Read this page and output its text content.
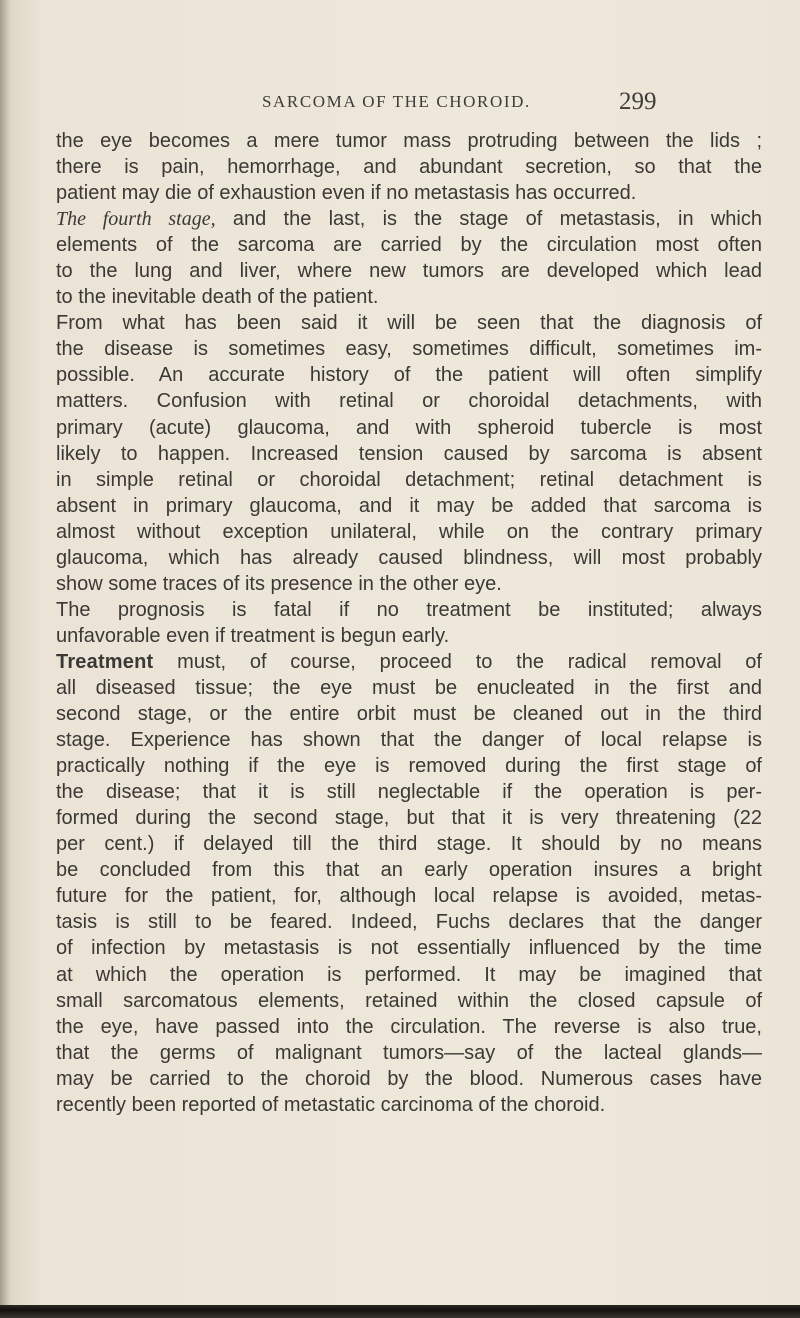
SARCOMA OF THE CHOROID.	299
the eye becomes a mere tumor mass protruding between the lids ;
there is pain, hemorrhage, and abundant secretion, so that the
patient may die of exhaustion even if no metastasis has occurred.
The fourth stage, and the last, is the stage of metastasis, in which
elements of the sarcoma are carried by the circulation most often
to the lung and liver, where new tumors are developed which lead
to the inevitable death of the patient.
From what has been said it will be seen that the diagnosis of
the disease is sometimes easy, sometimes difficult, sometimes im-
possible. An accurate history of the patient will often simplify
matters. Confusion with retinal or choroidal detachments, with
primary (acute) glaucoma, and with spheroid tubercle is most
likely to happen. Increased tension caused by sarcoma is absent
in simple retinal or choroidal detachment; retinal detachment is
absent in primary glaucoma, and it may be added that sarcoma is
almost without exception unilateral, while on the contrary primary
glaucoma, which has already caused blindness, will most probably
show some traces of its presence in the other eye.
The prognosis is fatal if no treatment be instituted; always
unfavorable even if treatment is begun early.
Treatment must, of course, proceed to the radical removal of
all diseased tissue; the eye must be enucleated in the first and
second stage, or the entire orbit must be cleaned out in the third
stage. Experience has shown that the danger of local relapse is
practically nothing if the eye is removed during the first stage of
the disease; that it is still neglectable if the operation is per-
formed during the second stage, but that it is very threatening (22
per cent.) if delayed till the third stage. It should by no means
be concluded from this that an early operation insures a bright
future for the patient, for, although local relapse is avoided, metas-
tasis is still to be feared. Indeed, Fuchs declares that the danger
of infection by metastasis is not essentially influenced by the time
at which the operation is performed. It may be imagined that
small sarcomatous elements, retained within the closed capsule of
the eye, have passed into the circulation. The reverse is also true,
that the germs of malignant tumors—say of the lacteal glands—
may be carried to the choroid by the blood. Numerous cases have
recently been reported of metastatic carcinoma of the choroid.
